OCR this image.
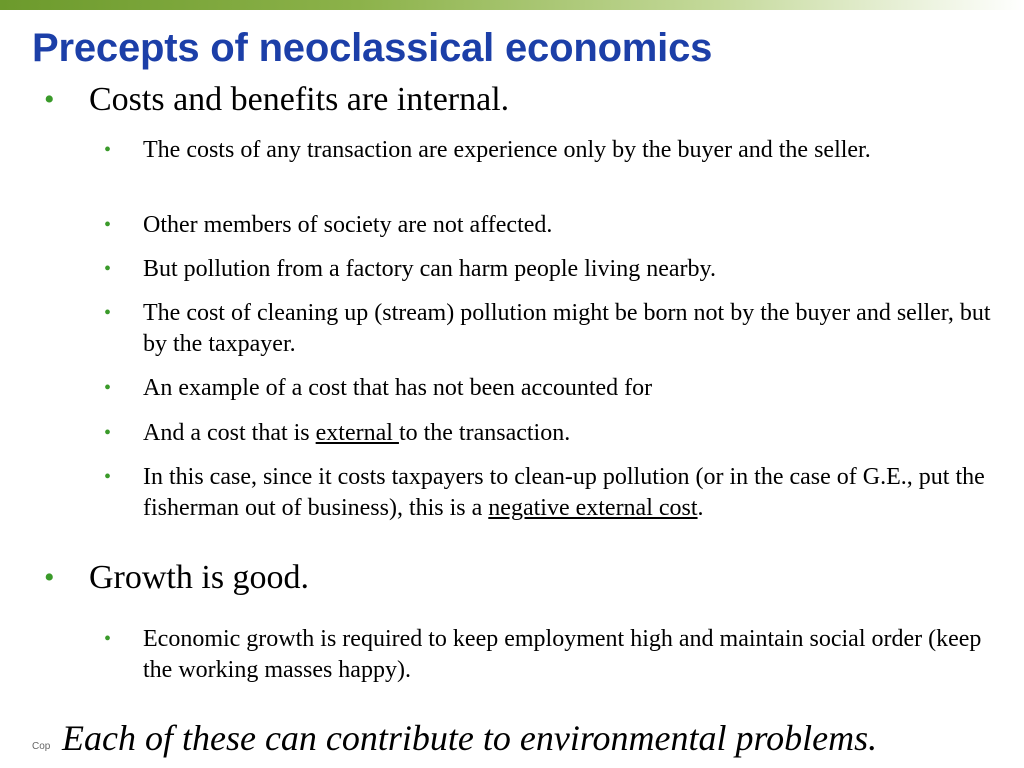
Precepts of neoclassical economics
• Costs and benefits are internal.
• The costs of any transaction are experience only by the buyer and the seller.
• Other members of society are not affected.
• But pollution from a factory can harm people living nearby.
• The cost of cleaning up (stream) pollution might be born not by the buyer and seller, but by the taxpayer.
• An example of a cost that has not been accounted for
• And a cost that is external to the transaction.
• In this case, since it costs taxpayers to clean-up pollution (or in the case of G.E., put the fisherman out of business), this is a negative external cost.
• Growth is good.
• Economic growth is required to keep employment high and maintain social order (keep the working masses happy).
Cop Each of these can contribute to environmental problems.
